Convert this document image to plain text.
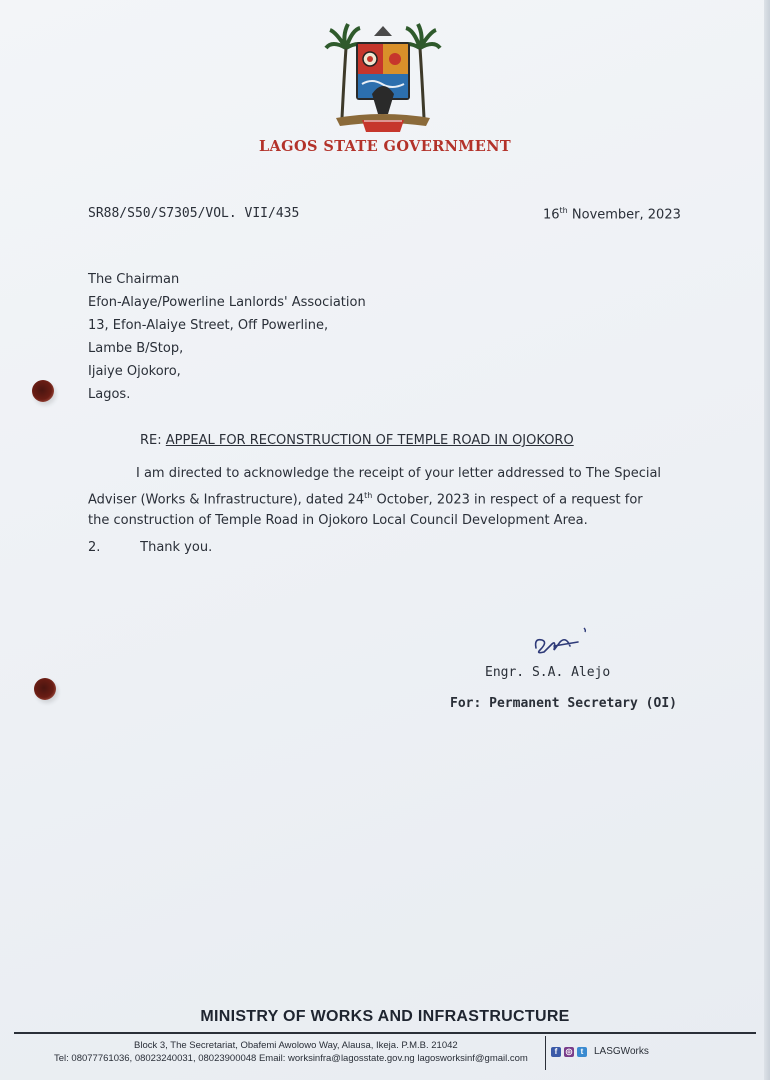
LAGOS STATE GOVERNMENT
SR88/S50/S7305/VOL. VII/435	16th November, 2023
The Chairman
Efon-Alaye/Powerline Lanlords' Association
13, Efon-Alaiye Street, Off Powerline,
Lambe B/Stop,
Ijaiye Ojokoro,
Lagos.
RE: APPEAL FOR RECONSTRUCTION OF TEMPLE ROAD IN OJOKORO
I am directed to acknowledge the receipt of your letter addressed to The Special
Adviser (Works & Infrastructure), dated 24th October, 2023 in respect of a request for
the construction of Temple Road in Ojokoro Local Council Development Area.
2.	Thank you.
Engr. S.A. Alejo
For: Permanent Secretary (OI)
MINISTRY OF WORKS AND INFRASTRUCTURE
Block 3, The Secretariat, Obafemi Awolowo Way, Alausa, Ikeja. P.M.B. 21042
Tel: 08077761036, 08023240031, 08023900048 Email: worksinfra@lagosstate.gov.ng lagosworksinf@gmail.com
f	◎	t	LASGWorks
